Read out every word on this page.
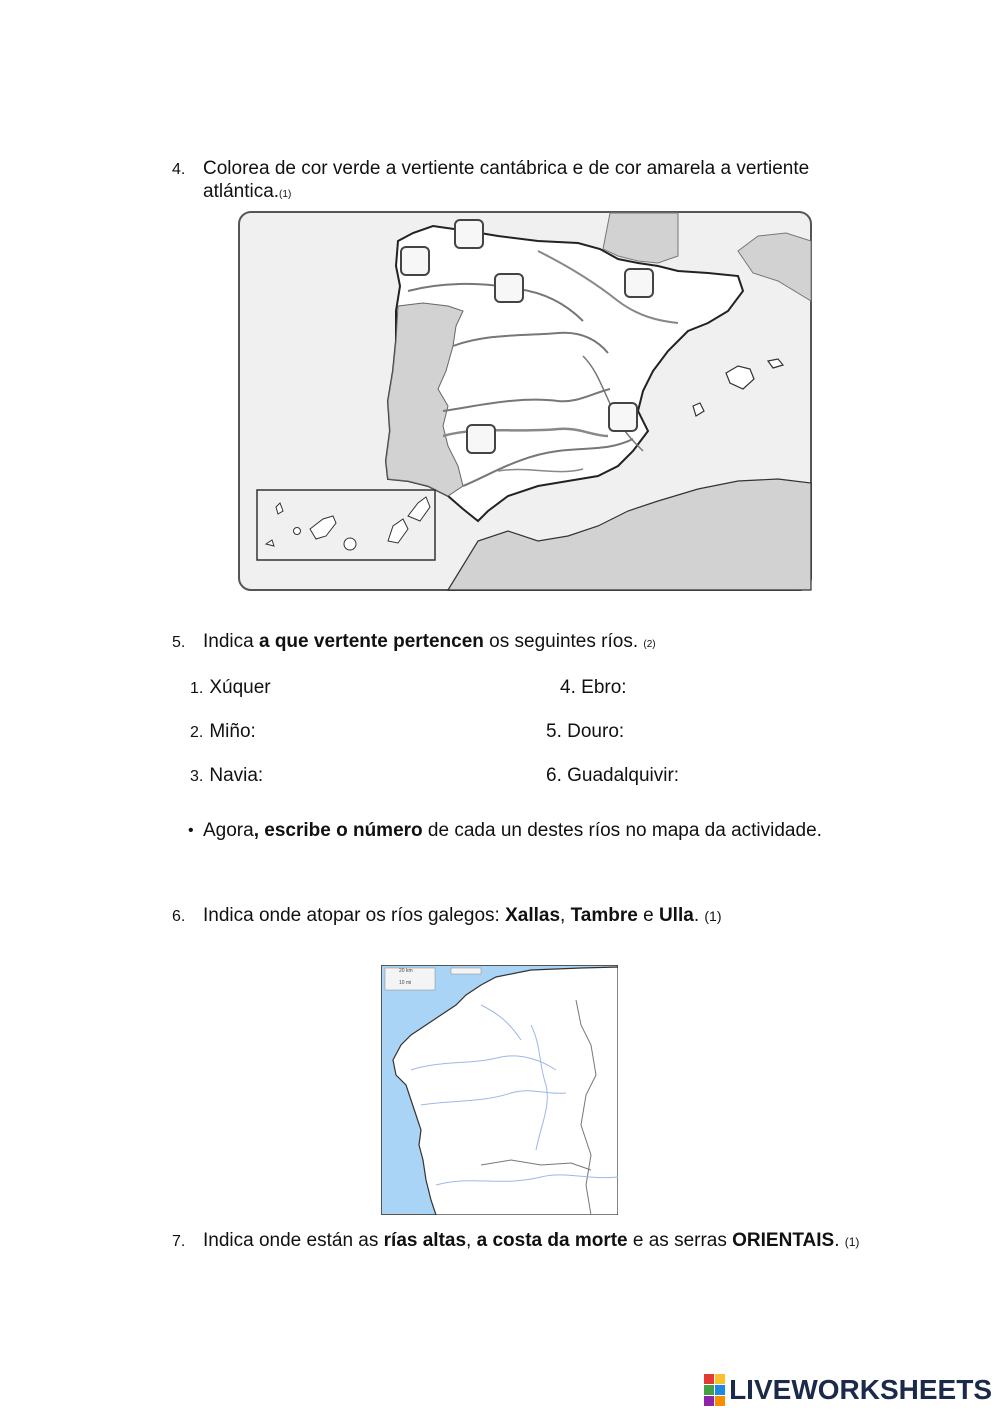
4. Colorea de cor verde a vertiente cantábrica e de cor amarela a vertiente atlántica.(1)
5. Indica a que vertente pertencen os seguintes ríos. (2)
1. Xúquer
2. Miño:
3. Navia:
4. Ebro:
5. Douro:
6. Guadalquivir:
• Agora, escribe o número de cada un destes ríos no mapa da actividade.
6. Indica onde atopar os ríos galegos: Xallas, Tambre e Ulla. (1)
20 km
10 mi
7. Indica onde están as rías altas, a costa da morte e as serras ORIENTAIS. (1)
LIVEWORKSHEETS
